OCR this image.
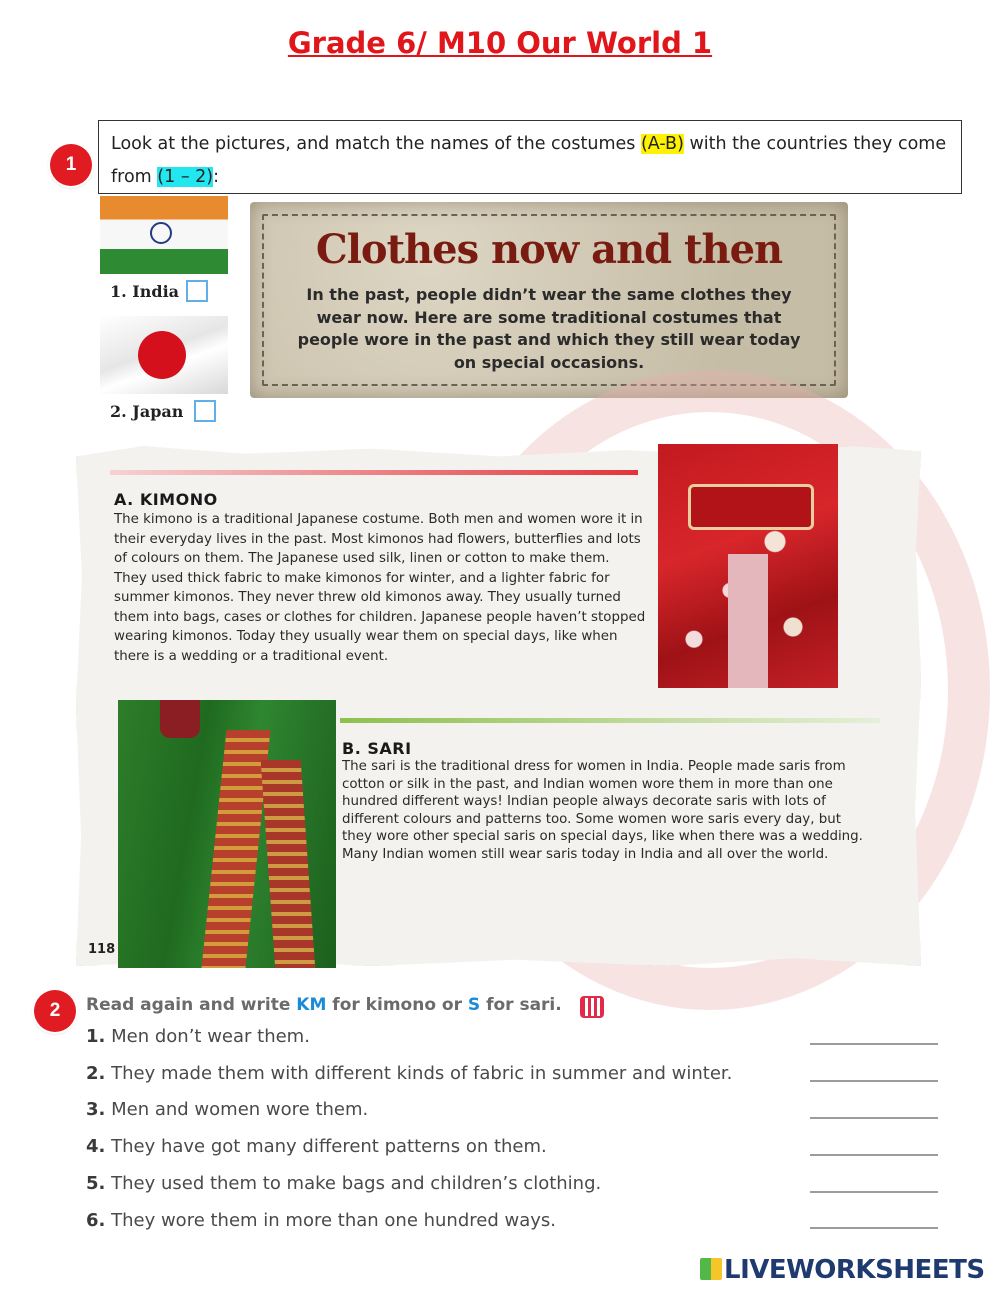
Grade 6/ M10 Our World 1
1
Look at the pictures, and match the names of the costumes (A-B) with the countries they come from (1 – 2):
1. India
2. Japan
Clothes now and then
In the past, people didn’t wear the same clothes they wear now. Here are some traditional costumes that people wore in the past and which they still wear today on special occasions.
A. KIMONO
The kimono is a traditional Japanese costume. Both men and women wore it in their everyday lives in the past. Most kimonos had flowers, butterflies and lots of colours on them. The Japanese used silk, linen or cotton to make them. They used thick fabric to make kimonos for winter, and a lighter fabric for summer kimonos. They never threw old kimonos away. They usually turned them into bags, cases or clothes for children. Japanese people haven’t stopped wearing kimonos. Today they usually wear them on special days, like when there is a wedding or a traditional event.
B. SARI
The sari is the traditional dress for women in India. People made saris from cotton or silk in the past, and Indian women wore them in more than one hundred different ways! Indian people always decorate saris with lots of different colours and patterns too. Some women wore saris every day, but they wore other special saris on special days, like when there was a wedding. Many Indian women still wear saris today in India and all over the world.
118
2	Read again and write KM for kimono or S for sari.
1. Men don’t wear them.
2. They made them with different kinds of fabric in summer and winter.
3. Men and women wore them.
4. They have got many different patterns on them.
5. They used them to make bags and children’s clothing.
6. They wore them in more than one hundred ways.
LIVEWORKSHEETS
